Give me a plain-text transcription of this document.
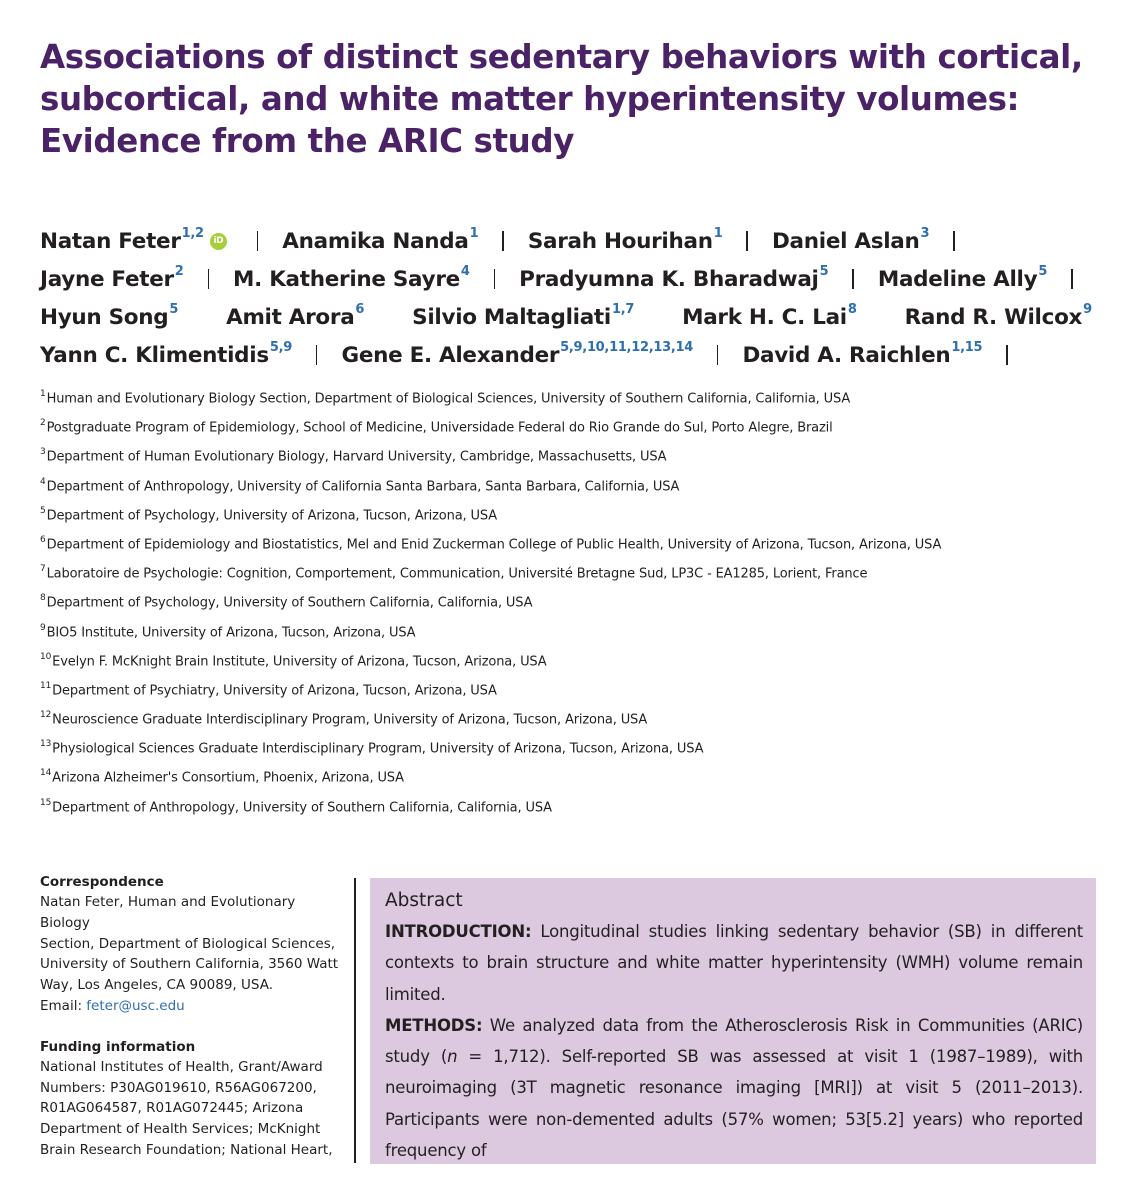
Associations of distinct sedentary behaviors with cortical,
subcortical, and white matter hyperintensity volumes:
Evidence from the ARIC study
Natan Feter$^{1,2}$	iD	Anamika Nanda$^1$ Sarah Hourihan$^1$ Daniel Aslan$^3$
Jayne Feter$^2$ M. Katherine Sayre$^4$ Pradyumna K. Bharadwaj$^5$ Madeline Ally$^5$
Hyun Song$^5$ Amit Arora$^6$ Silvio Maltagliati$^{1,7}$ Mark H. C. Lai$^8$ Rand R. Wilcox$^9$
Yann C. Klimentidis$^{5,9}$ Gene E. Alexander$^{5,9,10,11,12,13,14}$ David A. Raichlen$^{1,15}$
$^1$Human and Evolutionary Biology Section, Department of Biological Sciences, University of Southern California, California, USA
$^2$Postgraduate Program of Epidemiology, School of Medicine, Universidade Federal do Rio Grande do Sul, Porto Alegre, Brazil
$^3$Department of Human Evolutionary Biology, Harvard University, Cambridge, Massachusetts, USA
$^4$Department of Anthropology, University of California Santa Barbara, Santa Barbara, California, USA
$^5$Department of Psychology, University of Arizona, Tucson, Arizona, USA
$^6$Department of Epidemiology and Biostatistics, Mel and Enid Zuckerman College of Public Health, University of Arizona, Tucson, Arizona, USA
$^7$Laboratoire de Psychologie: Cognition, Comportement, Communication, Université Bretagne Sud, LP3C - EA1285, Lorient, France
$^8$Department of Psychology, University of Southern California, California, USA
$^9$BIO5 Institute, University of Arizona, Tucson, Arizona, USA
$^{10}$Evelyn F. McKnight Brain Institute, University of Arizona, Tucson, Arizona, USA
$^{11}$Department of Psychiatry, University of Arizona, Tucson, Arizona, USA
$^{12}$Neuroscience Graduate Interdisciplinary Program, University of Arizona, Tucson, Arizona, USA
$^{13}$Physiological Sciences Graduate Interdisciplinary Program, University of Arizona, Tucson, Arizona, USA
$^{14}$Arizona Alzheimer's Consortium, Phoenix, Arizona, USA
$^{15}$Department of Anthropology, University of Southern California, California, USA
Correspondence

Natan Feter, Human and Evolutionary Biology

Section, Department of Biological Sciences,

University of Southern California, 3560 Watt

Way, Los Angeles, CA 90089, USA.

Email: feter@usc.edu

Funding information

National Institutes of Health, Grant/Award

Numbers: P30AG019610, R56AG067200,

R01AG064587, R01AG072445; Arizona

Department of Health Services; McKnight

Brain Research Foundation; National Heart,

Abstract

INTRODUCTION: Longitudinal studies linking sedentary behavior (SB) in different contexts to brain structure and white matter hyperintensity (WMH) volume remain limited.

METHODS: We analyzed data from the Atherosclerosis Risk in Communities (ARIC) study (n = 1,712). Self-reported SB was assessed at visit 1 (1987–1989), with neuroimaging (3T magnetic resonance imaging [MRI]) at visit 5 (2011–2013). Participants were non-demented adults (57% women; 53[5.2] years) who reported frequency of
